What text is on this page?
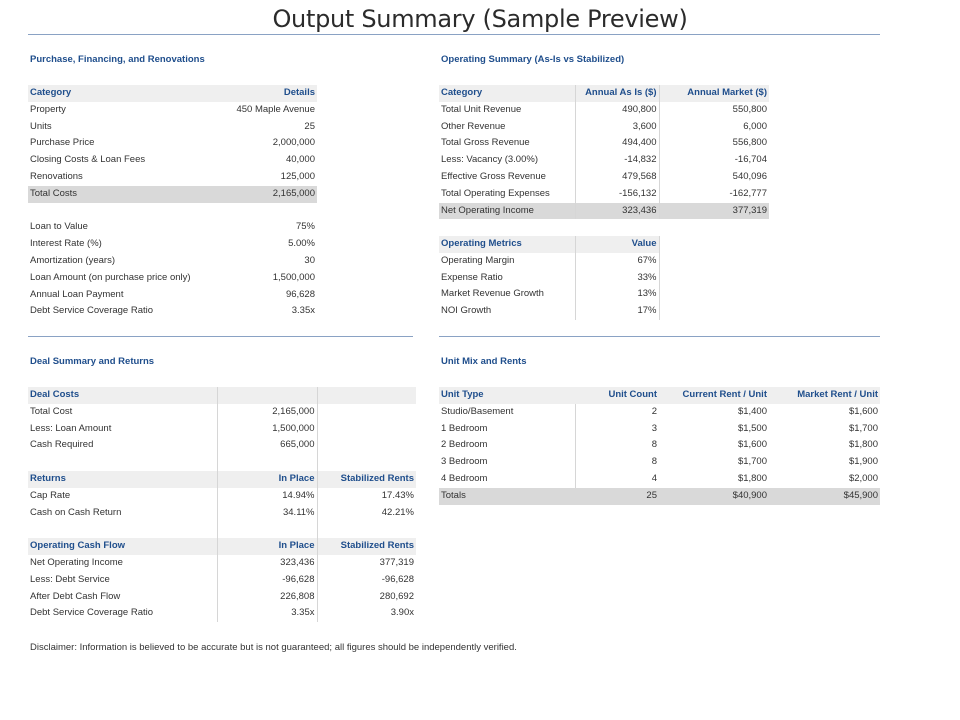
Output Summary (Sample Preview)
Purchase, Financing, and Renovations
Category	Details
Property	450 Maple Avenue
Units	25
Purchase Price	2,000,000
Closing Costs & Loan Fees	40,000
Renovations	125,000
Total Costs	2,165,000

Loan to Value	75%
Interest Rate (%)	5.00%
Amortization (years)	30
Loan Amount (on purchase price only)	1,500,000
Annual Loan Payment	96,628
Debt Service Coverage Ratio	3.35x
Operating Summary (As-Is vs Stabilized)
Category	Annual As Is ($)	Annual Market ($)
Total Unit Revenue	490,800	550,800
Other Revenue	3,600	6,000
Total Gross Revenue	494,400	556,800
Less: Vacancy (3.00%)	-14,832	-16,704
Effective Gross Revenue	479,568	540,096
Total Operating Expenses	-156,132	-162,777
Net Operating Income	323,436	377,319
Operating Metrics	Value
Operating Margin	67%
Expense Ratio	33%
Market Revenue Growth	13%
NOI Growth	17%
Deal Summary and Returns
Deal Costs		
Total Cost	2,165,000	
Less: Loan Amount	1,500,000	
Cash Required	665,000	

Returns	In Place	Stabilized Rents
Cap Rate	14.94%	17.43%
Cash on Cash Return	34.11%	42.21%

Operating Cash Flow	In Place	Stabilized Rents
Net Operating Income	323,436	377,319
Less: Debt Service	-96,628	-96,628
After Debt Cash Flow	226,808	280,692
Debt Service Coverage Ratio	3.35x	3.90x
Unit Mix and Rents
Unit Type	Unit Count	Current Rent / Unit	Market Rent / Unit
Studio/Basement	2	$1,400	$1,600
1 Bedroom	3	$1,500	$1,700
2 Bedroom	8	$1,600	$1,800
3 Bedroom	8	$1,700	$1,900
4 Bedroom	4	$1,800	$2,000
Totals	25	$40,900	$45,900
Disclaimer: Information is believed to be accurate but is not guaranteed; all figures should be independently verified.
